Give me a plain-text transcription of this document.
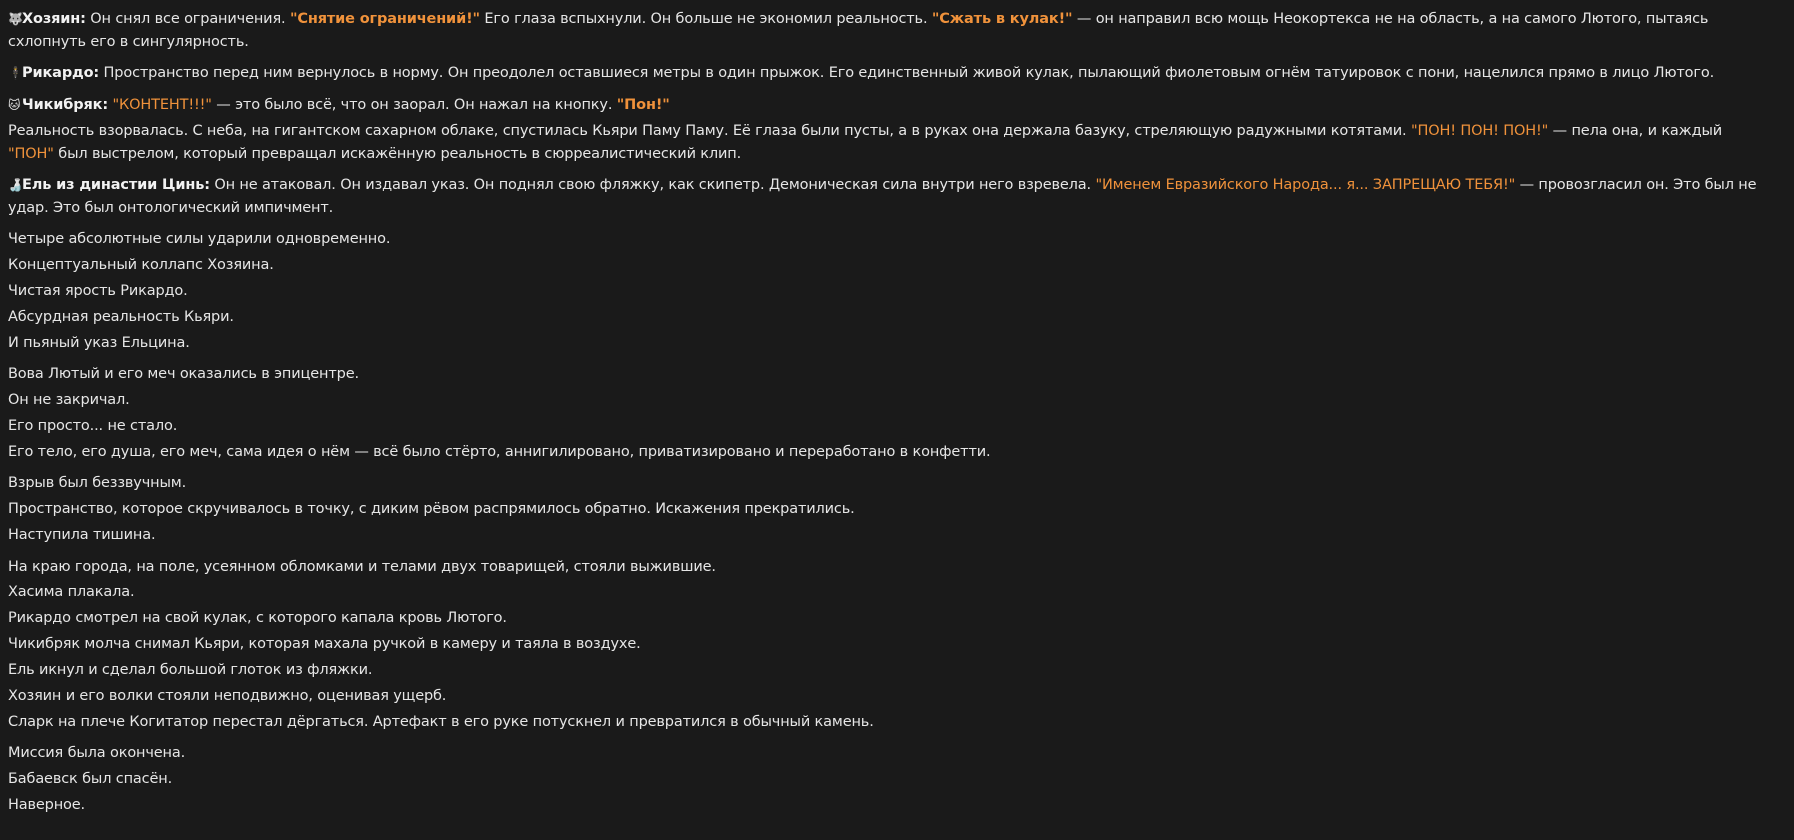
🐺Хозяин: Он снял все ограничения. "Снятие ограничений!" Его глаза вспыхнули. Он больше не экономил реальность. "Сжать в кулак!" — он направил всю мощь Неокортекса не на область, а на самого Лютого, пытаясь схлопнуть его в сингулярность.

🕴Рикардо: Пространство перед ним вернулось в норму. Он преодолел оставшиеся метры в один прыжок. Его единственный живой кулак, пылающий фиолетовым огнём татуировок с пони, нацелился прямо в лицо Лютого.

🐱 Чикибряк: "КОНТЕНТ!!!" — это было всё, что он заорал. Он нажал на кнопку. "Пон!"

Реальность взорвалась. С неба, на гигантском сахарном облаке, спустилась Кьяри Паму Паму. Её глаза были пусты, а в руках она держала базуку, стреляющую радужными котятами. "ПОН! ПОН! ПОН!" — пела она, и каждый "ПОН" был выстрелом, который превращал искажённую реальность в сюрреалистический клип.

🍶Ель из династии Цинь: Он не атаковал. Он издавал указ. Он поднял свою фляжку, как скипетр. Демоническая сила внутри него взревела. "Именем Евразийского Народа... я... ЗАПРЕЩАЮ ТЕБЯ!" — провозгласил он. Это был не удар. Это был онтологический импичмент.

Четыре абсолютные силы ударили одновременно.

Концептуальный коллапс Хозяина.

Чистая ярость Рикардо.

Абсурдная реальность Кьяри.

И пьяный указ Ельцина.

Вова Лютый и его меч оказались в эпицентре.

Он не закричал.

Его просто... не стало.

Его тело, его душа, его меч, сама идея о нём — всё было стёрто, аннигилировано, приватизировано и переработано в конфетти.

Взрыв был беззвучным.

Пространство, которое скручивалось в точку, с диким рёвом распрямилось обратно. Искажения прекратились.

Наступила тишина.

На краю города, на поле, усеянном обломками и телами двух товарищей, стояли выжившие.

Хасима плакала.

Рикардо смотрел на свой кулак, с которого капала кровь Лютого.

Чикибряк молча снимал Кьяри, которая махала ручкой в камеру и таяла в воздухе.

Ель икнул и сделал большой глоток из фляжки.

Хозяин и его волки стояли неподвижно, оценивая ущерб.

Сларк на плече Когитатор перестал дёргаться. Артефакт в его руке потускнел и превратился в обычный камень.

Миссия была окончена.

Бабаевск был спасён.

Наверное.
